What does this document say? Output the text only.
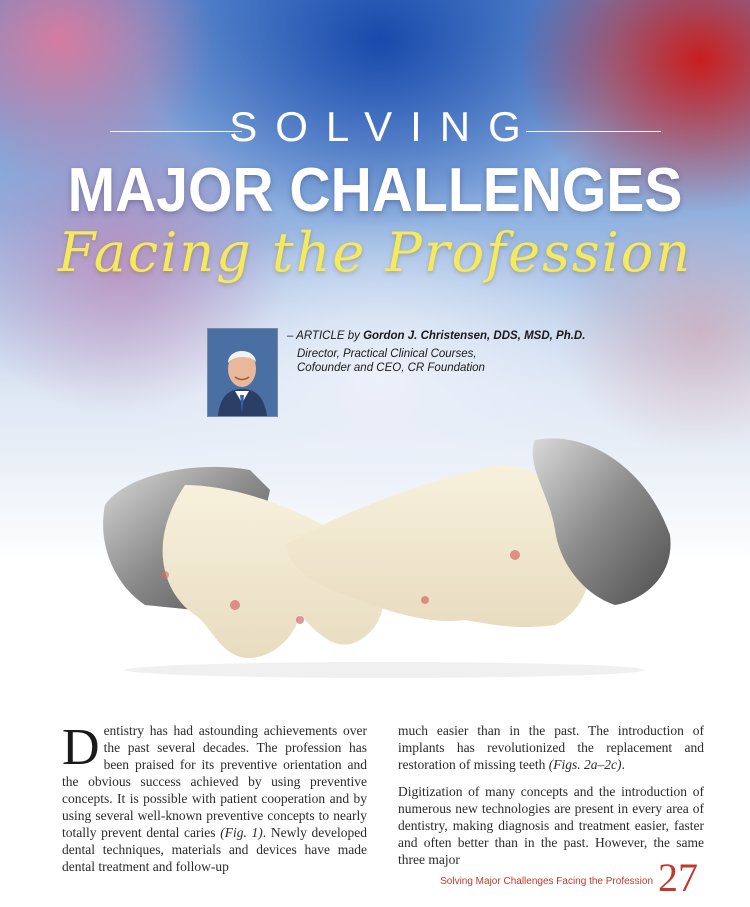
SOLVING
MAJOR CHALLENGES
Facing the Profession
– ARTICLE by Gordon J. Christensen, DDS, MSD, Ph.D.
Director, Practical Clinical Courses,
Cofounder and CEO, CR Foundation

Dentistry has had astounding achievements over the past several decades. The profession has been praised for its preventive orientation and the obvious success achieved by using preventive concepts. It is possible with patient cooperation and by using several well-known preventive concepts to nearly totally prevent dental caries (Fig. 1). Newly developed dental techniques, materials and devices have made dental treatment and follow-up

much easier than in the past. The introduction of implants has revolutionized the replacement and restoration of missing teeth (Figs. 2a–2c).

Digitization of many concepts and the introduction of numerous new technologies are present in every area of dentistry, making diagnosis and treatment easier, faster and often better than in the past. However, the same three major

Solving Major Challenges Facing the Profession 27
